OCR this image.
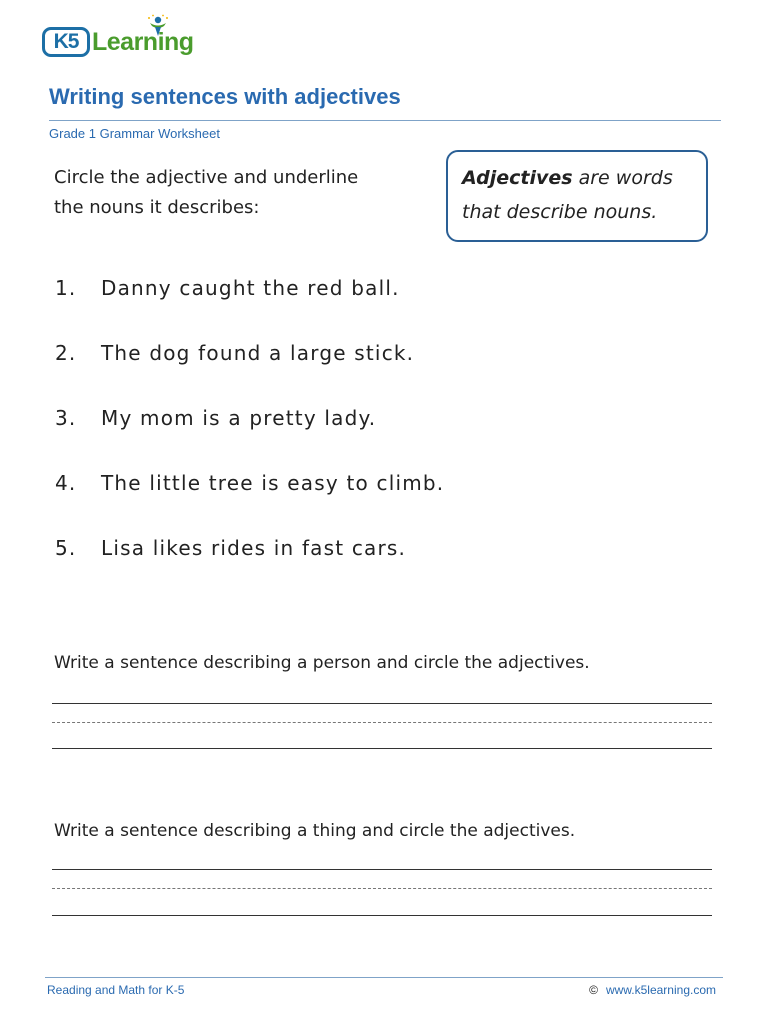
K5 Learning
Writing sentences with adjectives
Grade 1 Grammar Worksheet
Circle the adjective and underline
the nouns it describes:
Adjectives are words
that describe nouns.
1. Danny caught the red ball.
2. The dog found a large stick.
3. My mom is a pretty lady.
4. The little tree is easy to climb.
5. Lisa likes rides in fast cars.
Write a sentence describing a person and circle the adjectives.
Write a sentence describing a thing and circle the adjectives.
Reading and Math for K-5	© www.k5learning.com
